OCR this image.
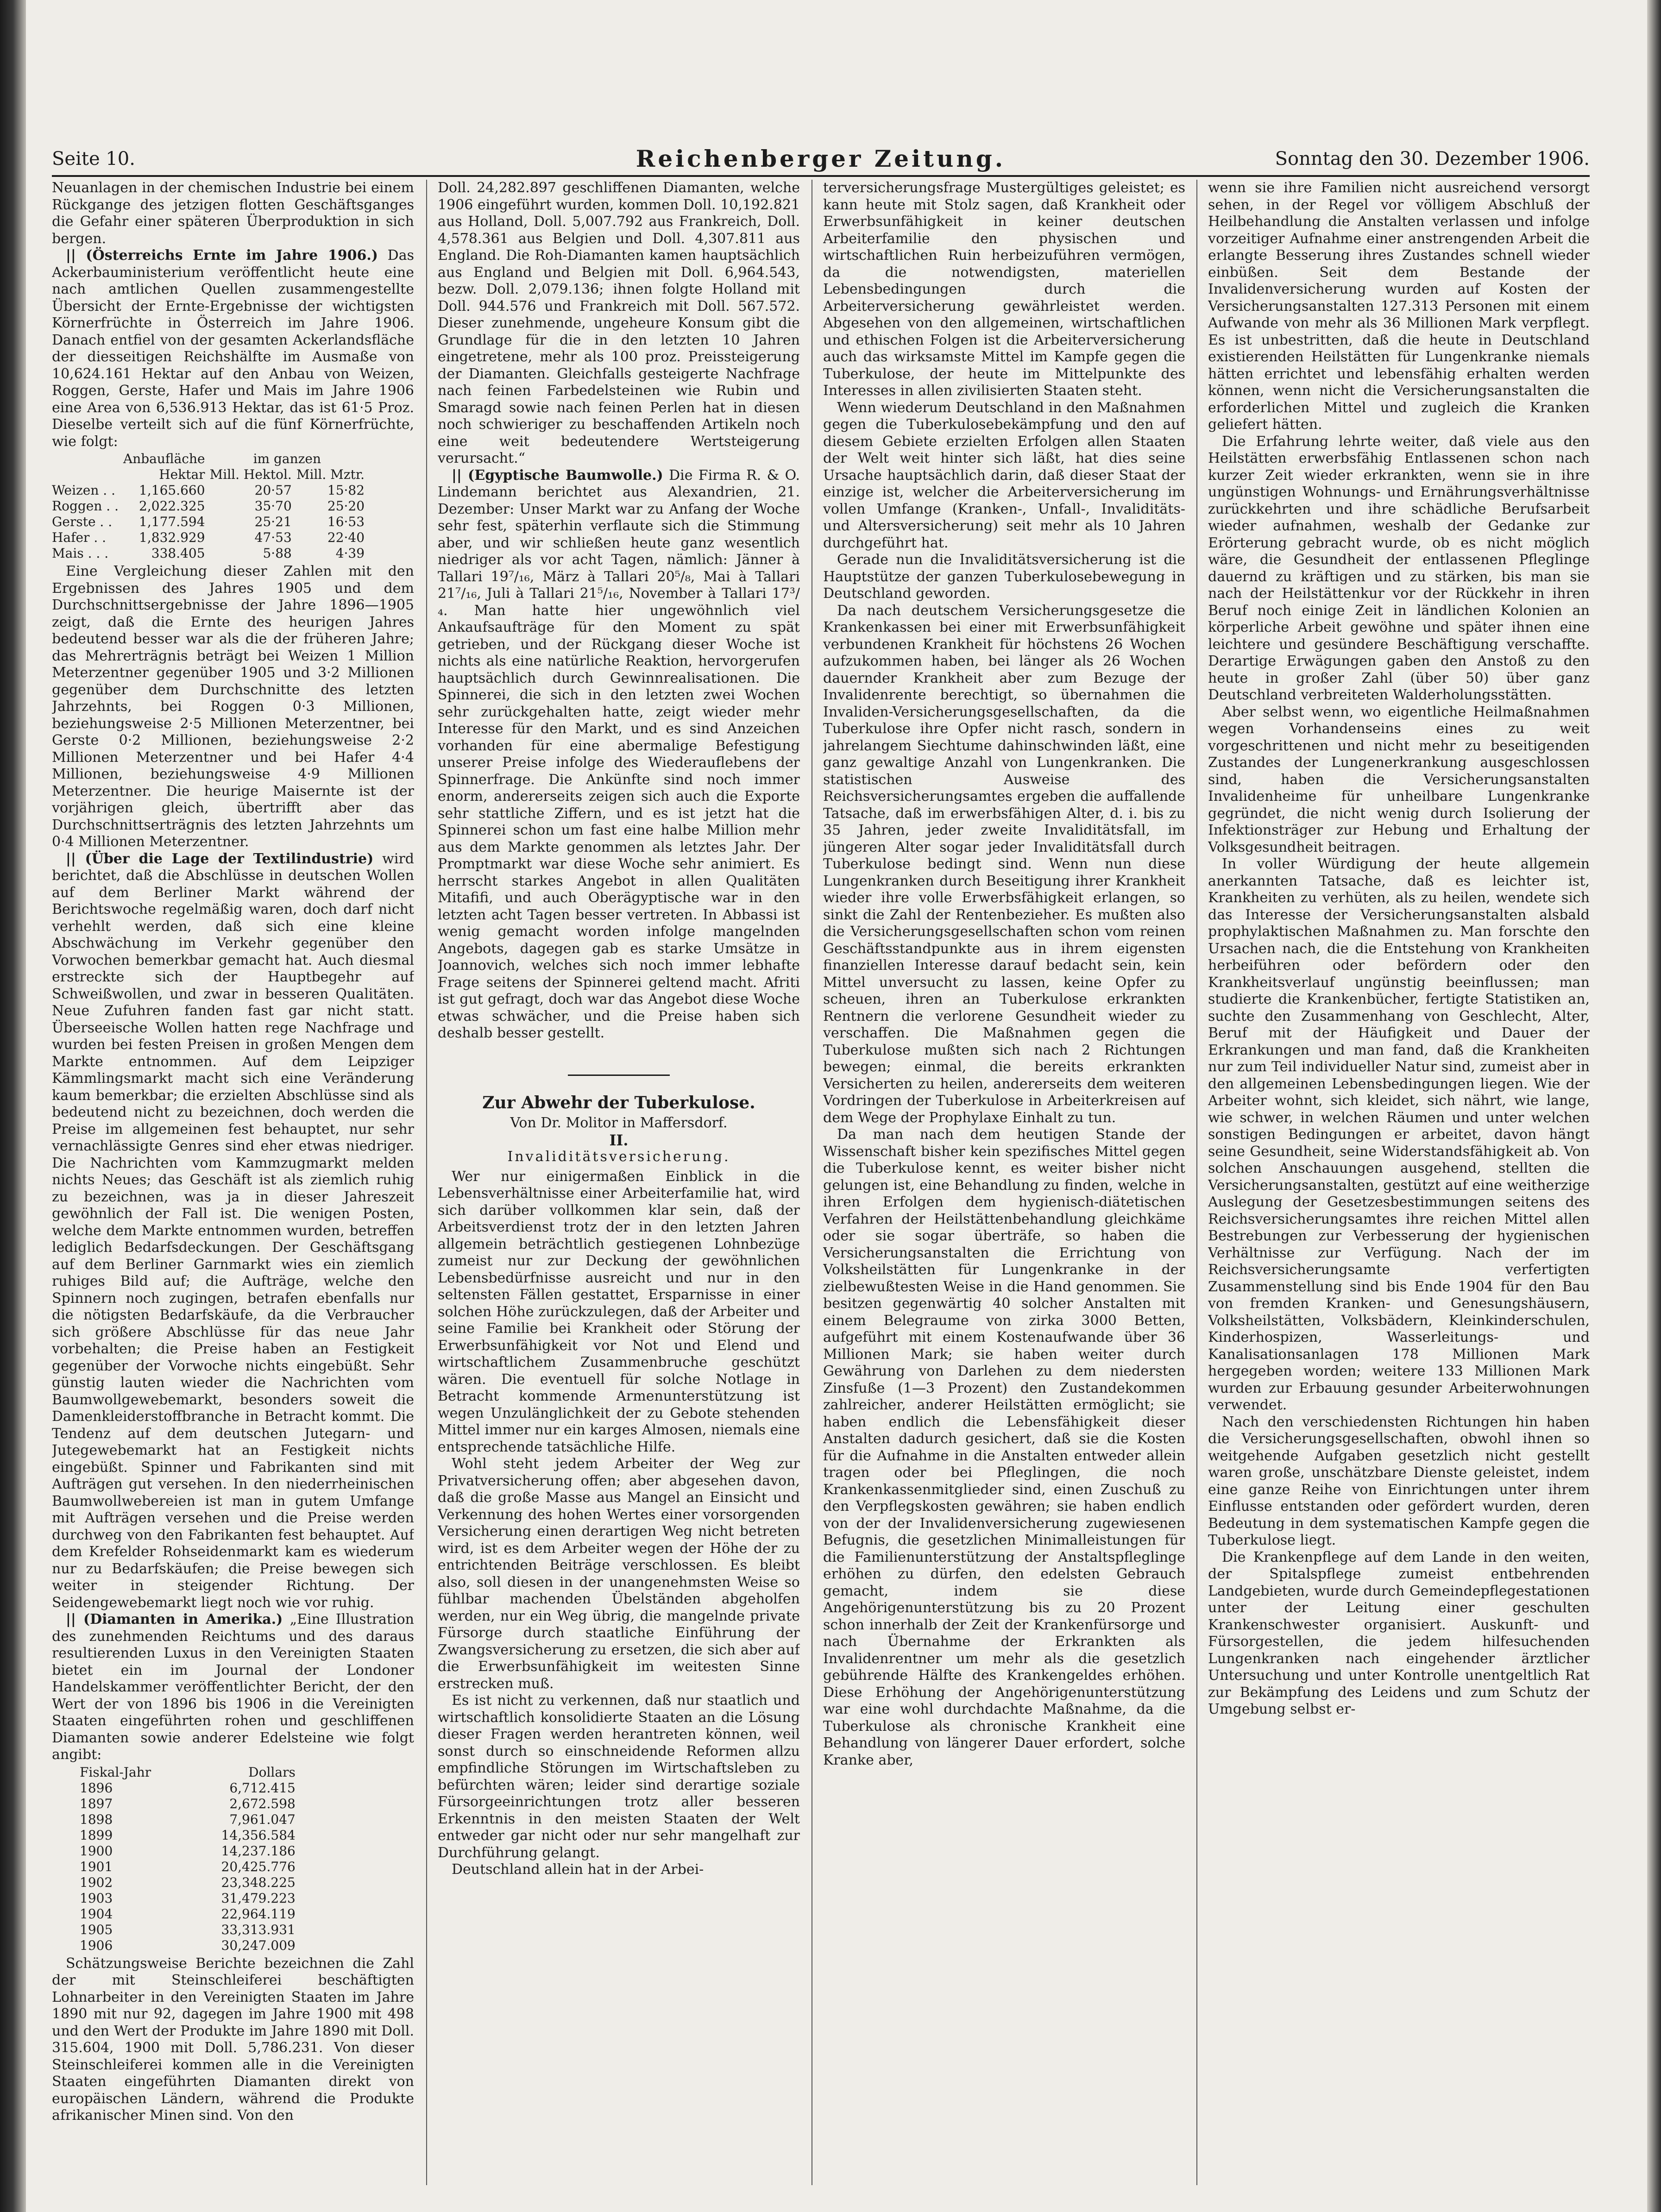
Seite 10.	Reichenberger Zeitung.	Sonntag den 30. Dezember 1906.

Neuanlagen in der chemischen Industrie bei einem Rückgange des jetzigen flotten Geschäftsganges die Gefahr einer späteren Überproduktion in sich bergen.

|| (Österreichs Ernte im Jahre 1906.) Das Ackerbauministerium veröffentlicht heute eine nach amtlichen Quellen zusammengestellte Übersicht der Ernte-Ergebnisse der wichtigsten Körnerfrüchte in Österreich im Jahre 1906. Danach entfiel von der gesamten Ackerlandsfläche der diesseitigen Reichshälfte im Ausmaße von 10,624.161 Hektar auf den Anbau von Weizen, Roggen, Gerste, Hafer und Mais im Jahre 1906 eine Area von 6,536.913 Hektar, das ist 61·5 Proz. Dieselbe verteilt sich auf die fünf Körnerfrüchte, wie folgt:

	Anbaufläche	im ganzen	
	Hektar	Mill. Hektol.	Mill. Mztr.
Weizen . .	1,165.660	20·57	15·82
Roggen . .	2,022.325	35·70	25·20
Gerste . .	1,177.594	25·21	16·53
Hafer . .	1,832.929	47·53	22·40
Mais . . .	338.405	5·88	4·39

Eine Vergleichung dieser Zahlen mit den Ergebnissen des Jahres 1905 und dem Durchschnittsergebnisse der Jahre 1896—1905 zeigt, daß die Ernte des heurigen Jahres bedeutend besser war als die der früheren Jahre; das Mehrerträgnis beträgt bei Weizen 1 Million Meterzentner gegenüber 1905 und 3·2 Millionen gegenüber dem Durchschnitte des letzten Jahrzehnts, bei Roggen 0·3 Millionen, beziehungsweise 2·5 Millionen Meterzentner, bei Gerste 0·2 Millionen, beziehungsweise 2·2 Millionen Meterzentner und bei Hafer 4·4 Millionen, beziehungsweise 4·9 Millionen Meterzentner. Die heurige Maisernte ist der vorjährigen gleich, übertrifft aber das Durchschnittserträgnis des letzten Jahrzehnts um 0·4 Millionen Meterzentner.

|| (Über die Lage der Textilindustrie) wird berichtet, daß die Abschlüsse in deutschen Wollen auf dem Berliner Markt während der Berichtswoche regelmäßig waren, doch darf nicht verhehlt werden, daß sich eine kleine Abschwächung im Verkehr gegenüber den Vorwochen bemerkbar gemacht hat. Auch diesmal erstreckte sich der Hauptbegehr auf Schweißwollen, und zwar in besseren Qualitäten. Neue Zufuhren fanden fast gar nicht statt. Überseeische Wollen hatten rege Nachfrage und wurden bei festen Preisen in großen Mengen dem Markte entnommen. Auf dem Leipziger Kämmlingsmarkt macht sich eine Veränderung kaum bemerkbar; die erzielten Abschlüsse sind als bedeutend nicht zu bezeichnen, doch werden die Preise im allgemeinen fest behauptet, nur sehr vernachlässigte Genres sind eher etwas niedriger. Die Nachrichten vom Kammzugmarkt melden nichts Neues; das Geschäft ist als ziemlich ruhig zu bezeichnen, was ja in dieser Jahreszeit gewöhnlich der Fall ist. Die wenigen Posten, welche dem Markte entnommen wurden, betreffen lediglich Bedarfsdeckungen. Der Geschäftsgang auf dem Berliner Garnmarkt wies ein ziemlich ruhiges Bild auf; die Aufträge, welche den Spinnern noch zugingen, betrafen ebenfalls nur die nötigsten Bedarfskäufe, da die Verbraucher sich größere Abschlüsse für das neue Jahr vorbehalten; die Preise haben an Festigkeit gegenüber der Vorwoche nichts eingebüßt. Sehr günstig lauten wieder die Nachrichten vom Baumwollgewebemarkt, besonders soweit die Damenkleiderstoffbranche in Betracht kommt. Die Tendenz auf dem deutschen Jutegarn- und Jutegewebemarkt hat an Festigkeit nichts eingebüßt. Spinner und Fabrikanten sind mit Aufträgen gut versehen. In den niederrheinischen Baumwollwebereien ist man in gutem Umfange mit Aufträgen versehen und die Preise werden durchweg von den Fabrikanten fest behauptet. Auf dem Krefelder Rohseidenmarkt kam es wiederum nur zu Bedarfskäufen; die Preise bewegen sich weiter in steigender Richtung. Der Seidengewebemarkt liegt noch wie vor ruhig.

|| (Diamanten in Amerika.) „Eine Illustration des zunehmenden Reichtums und des daraus resultierenden Luxus in den Vereinigten Staaten bietet ein im Journal der Londoner Handelskammer veröffentlichter Bericht, der den Wert der von 1896 bis 1906 in die Vereinigten Staaten eingeführten rohen und geschliffenen Diamanten sowie anderer Edelsteine wie folgt angibt:

Fiskal-Jahr	Dollars
1896	6,712.415
1897	2,672.598
1898	7,961.047
1899	14,356.584
1900	14,237.186
1901	20,425.776
1902	23,348.225
1903	31,479.223
1904	22,964.119
1905	33,313.931
1906	30,247.009

Schätzungsweise Berichte bezeichnen die Zahl der mit Steinschleiferei beschäftigten Lohnarbeiter in den Vereinigten Staaten im Jahre 1890 mit nur 92, dagegen im Jahre 1900 mit 498 und den Wert der Produkte im Jahre 1890 mit Doll. 315.604, 1900 mit Doll. 5,786.231. Von dieser Steinschleiferei kommen alle in die Vereinigten Staaten eingeführten Diamanten direkt von europäischen Ländern, während die Produkte afrikanischer Minen sind. Von den

Doll. 24,282.897 geschliffenen Diamanten, welche 1906 eingeführt wurden, kommen Doll. 10,192.821 aus Holland, Doll. 5,007.792 aus Frankreich, Doll. 4,578.361 aus Belgien und Doll. 4,307.811 aus England. Die Roh-Diamanten kamen hauptsächlich aus England und Belgien mit Doll. 6,964.543, bezw. Doll. 2,079.136; ihnen folgte Holland mit Doll. 944.576 und Frankreich mit Doll. 567.572. Dieser zunehmende, ungeheure Konsum gibt die Grundlage für die in den letzten 10 Jahren eingetretene, mehr als 100 proz. Preissteigerung der Diamanten. Gleichfalls gesteigerte Nachfrage nach feinen Farbedelsteinen wie Rubin und Smaragd sowie nach feinen Perlen hat in diesen noch schwieriger zu beschaffenden Artikeln noch eine weit bedeutendere Wertsteigerung verursacht.“

|| (Egyptische Baumwolle.) Die Firma R. & O. Lindemann berichtet aus Alexandrien, 21. Dezember: Unser Markt war zu Anfang der Woche sehr fest, späterhin verflaute sich die Stimmung aber, und wir schließen heute ganz wesentlich niedriger als vor acht Tagen, nämlich: Jänner à Tallari 19⁷/₁₆, März à Tallari 20⁵/₈, Mai à Tallari 21⁷/₁₆, Juli à Tallari 21⁵/₁₆, November à Tallari 17³/₄. Man hatte hier ungewöhnlich viel Ankaufsaufträge für den Moment zu spät getrieben, und der Rückgang dieser Woche ist nichts als eine natürliche Reaktion, hervorgerufen hauptsächlich durch Gewinnrealisationen. Die Spinnerei, die sich in den letzten zwei Wochen sehr zurückgehalten hatte, zeigt wieder mehr Interesse für den Markt, und es sind Anzeichen vorhanden für eine abermalige Befestigung unserer Preise infolge des Wiederauflebens der Spinnerfrage. Die Ankünfte sind noch immer enorm, andererseits zeigen sich auch die Exporte sehr stattliche Ziffern, und es ist jetzt hat die Spinnerei schon um fast eine halbe Million mehr aus dem Markte genommen als letztes Jahr. Der Promptmarkt war diese Woche sehr animiert. Es herrscht starkes Angebot in allen Qualitäten Mitafifi, und auch Oberägyptische war in den letzten acht Tagen besser vertreten. In Abbassi ist wenig gemacht worden infolge mangelnden Angebots, dagegen gab es starke Umsätze in Joannovich, welches sich noch immer lebhafte Frage seitens der Spinnerei geltend macht. Afriti ist gut gefragt, doch war das Angebot diese Woche etwas schwächer, und die Preise haben sich deshalb besser gestellt.

Zur Abwehr der Tuberkulose.

Von Dr. Molitor in Maffersdorf.

II.

Invaliditätsversicherung.

Wer nur einigermaßen Einblick in die Lebensverhältnisse einer Arbeiterfamilie hat, wird sich darüber vollkommen klar sein, daß der Arbeitsverdienst trotz der in den letzten Jahren allgemein beträchtlich gestiegenen Lohnbezüge zumeist nur zur Deckung der gewöhnlichen Lebensbedürfnisse ausreicht und nur in den seltensten Fällen gestattet, Ersparnisse in einer solchen Höhe zurückzulegen, daß der Arbeiter und seine Familie bei Krankheit oder Störung der Erwerbsunfähigkeit vor Not und Elend und wirtschaftlichem Zusammenbruche geschützt wären. Die eventuell für solche Notlage in Betracht kommende Armenunterstützung ist wegen Unzulänglichkeit der zu Gebote stehenden Mittel immer nur ein karges Almosen, niemals eine entsprechende tatsächliche Hilfe.

Wohl steht jedem Arbeiter der Weg zur Privatversicherung offen; aber abgesehen davon, daß die große Masse aus Mangel an Einsicht und Verkennung des hohen Wertes einer vorsorgenden Versicherung einen derartigen Weg nicht betreten wird, ist es dem Arbeiter wegen der Höhe der zu entrichtenden Beiträge verschlossen. Es bleibt also, soll diesen in der unangenehmsten Weise so fühlbar machenden Übelständen abgeholfen werden, nur ein Weg übrig, die mangelnde private Fürsorge durch staatliche Einführung der Zwangsversicherung zu ersetzen, die sich aber auf die Erwerbsunfähigkeit im weitesten Sinne erstrecken muß.

Es ist nicht zu verkennen, daß nur staatlich und wirtschaftlich konsolidierte Staaten an die Lösung dieser Fragen werden herantreten können, weil sonst durch so einschneidende Reformen allzu empfindliche Störungen im Wirtschaftsleben zu befürchten wären; leider sind derartige soziale Fürsorgeeinrichtungen trotz aller besseren Erkenntnis in den meisten Staaten der Welt entweder gar nicht oder nur sehr mangelhaft zur Durchführung gelangt.

Deutschland allein hat in der Arbei-

terversicherungsfrage Mustergültiges geleistet; es kann heute mit Stolz sagen, daß Krankheit oder Erwerbsunfähigkeit in keiner deutschen Arbeiterfamilie den physischen und wirtschaftlichen Ruin herbeizuführen vermögen, da die notwendigsten, materiellen Lebensbedingungen durch die Arbeiterversicherung gewährleistet werden. Abgesehen von den allgemeinen, wirtschaftlichen und ethischen Folgen ist die Arbeiterversicherung auch das wirksamste Mittel im Kampfe gegen die Tuberkulose, der heute im Mittelpunkte des Interesses in allen zivilisierten Staaten steht.

Wenn wiederum Deutschland in den Maßnahmen gegen die Tuberkulosebekämpfung und den auf diesem Gebiete erzielten Erfolgen allen Staaten der Welt weit hinter sich läßt, hat dies seine Ursache hauptsächlich darin, daß dieser Staat der einzige ist, welcher die Arbeiterversicherung im vollen Umfange (Kranken-, Unfall-, Invaliditäts- und Altersversicherung) seit mehr als 10 Jahren durchgeführt hat.

Gerade nun die Invaliditätsversicherung ist die Hauptstütze der ganzen Tuberkulosebewegung in Deutschland geworden.

Da nach deutschem Versicherungsgesetze die Krankenkassen bei einer mit Erwerbsunfähigkeit verbundenen Krankheit für höchstens 26 Wochen aufzukommen haben, bei länger als 26 Wochen dauernder Krankheit aber zum Bezuge der Invalidenrente berechtigt, so übernahmen die Invaliden-Versicherungsgesellschaften, da die Tuberkulose ihre Opfer nicht rasch, sondern in jahrelangem Siechtume dahinschwinden läßt, eine ganz gewaltige Anzahl von Lungenkranken. Die statistischen Ausweise des Reichsversicherungsamtes ergeben die auffallende Tatsache, daß im erwerbsfähigen Alter, d. i. bis zu 35 Jahren, jeder zweite Invaliditätsfall, im jüngeren Alter sogar jeder Invaliditätsfall durch Tuberkulose bedingt sind. Wenn nun diese Lungenkranken durch Beseitigung ihrer Krankheit wieder ihre volle Erwerbsfähigkeit erlangen, so sinkt die Zahl der Rentenbezieher. Es mußten also die Versicherungsgesellschaften schon vom reinen Geschäftsstandpunkte aus in ihrem eigensten finanziellen Interesse darauf bedacht sein, kein Mittel unversucht zu lassen, keine Opfer zu scheuen, ihren an Tuberkulose erkrankten Rentnern die verlorene Gesundheit wieder zu verschaffen. Die Maßnahmen gegen die Tuberkulose mußten sich nach 2 Richtungen bewegen; einmal, die bereits erkrankten Versicherten zu heilen, andererseits dem weiteren Vordringen der Tuberkulose in Arbeiterkreisen auf dem Wege der Prophylaxe Einhalt zu tun.

Da man nach dem heutigen Stande der Wissenschaft bisher kein spezifisches Mittel gegen die Tuberkulose kennt, es weiter bisher nicht gelungen ist, eine Behandlung zu finden, welche in ihren Erfolgen dem hygienisch-diätetischen Verfahren der Heilstättenbehandlung gleichkäme oder sie sogar überträfe, so haben die Versicherungsanstalten die Errichtung von Volksheilstätten für Lungenkranke in der zielbewußtesten Weise in die Hand genommen. Sie besitzen gegenwärtig 40 solcher Anstalten mit einem Belegraume von zirka 3000 Betten, aufgeführt mit einem Kostenaufwande über 36 Millionen Mark; sie haben weiter durch Gewährung von Darlehen zu dem niedersten Zinsfuße (1—3 Prozent) den Zustandekommen zahlreicher, anderer Heilstätten ermöglicht; sie haben endlich die Lebensfähigkeit dieser Anstalten dadurch gesichert, daß sie die Kosten für die Aufnahme in die Anstalten entweder allein tragen oder bei Pfleglingen, die noch Krankenkassenmitglieder sind, einen Zuschuß zu den Verpflegskosten gewähren; sie haben endlich von der der Invalidenversicherung zugewiesenen Befugnis, die gesetzlichen Minimalleistungen für die Familienunterstützung der Anstaltspfleglinge erhöhen zu dürfen, den edelsten Gebrauch gemacht, indem sie diese Angehörigenunterstützung bis zu 20 Prozent schon innerhalb der Zeit der Krankenfürsorge und nach Übernahme der Erkrankten als Invalidenrentner um mehr als die gesetzlich gebührende Hälfte des Krankengeldes erhöhen. Diese Erhöhung der Angehörigenunterstützung war eine wohl durchdachte Maßnahme, da die Tuberkulose als chronische Krankheit eine Behandlung von längerer Dauer erfordert, solche Kranke aber,

wenn sie ihre Familien nicht ausreichend versorgt sehen, in der Regel vor völligem Abschluß der Heilbehandlung die Anstalten verlassen und infolge vorzeitiger Aufnahme einer anstrengenden Arbeit die erlangte Besserung ihres Zustandes schnell wieder einbüßen. Seit dem Bestande der Invalidenversicherung wurden auf Kosten der Versicherungsanstalten 127.313 Personen mit einem Aufwande von mehr als 36 Millionen Mark verpflegt. Es ist unbestritten, daß die heute in Deutschland existierenden Heilstätten für Lungenkranke niemals hätten errichtet und lebensfähig erhalten werden können, wenn nicht die Versicherungsanstalten die erforderlichen Mittel und zugleich die Kranken geliefert hätten.

Die Erfahrung lehrte weiter, daß viele aus den Heilstätten erwerbsfähig Entlassenen schon nach kurzer Zeit wieder erkrankten, wenn sie in ihre ungünstigen Wohnungs- und Ernährungsverhältnisse zurückkehrten und ihre schädliche Berufsarbeit wieder aufnahmen, weshalb der Gedanke zur Erörterung gebracht wurde, ob es nicht möglich wäre, die Gesundheit der entlassenen Pfleglinge dauernd zu kräftigen und zu stärken, bis man sie nach der Heilstättenkur vor der Rückkehr in ihren Beruf noch einige Zeit in ländlichen Kolonien an körperliche Arbeit gewöhne und später ihnen eine leichtere und gesündere Beschäftigung verschaffte. Derartige Erwägungen gaben den Anstoß zu den heute in großer Zahl (über 50) über ganz Deutschland verbreiteten Walderholungsstätten.

Aber selbst wenn, wo eigentliche Heilmaßnahmen wegen Vorhandenseins eines zu weit vorgeschrittenen und nicht mehr zu beseitigenden Zustandes der Lungenerkrankung ausgeschlossen sind, haben die Versicherungsanstalten Invalidenheime für unheilbare Lungenkranke gegründet, die nicht wenig durch Isolierung der Infektionsträger zur Hebung und Erhaltung der Volksgesundheit beitragen.

In voller Würdigung der heute allgemein anerkannten Tatsache, daß es leichter ist, Krankheiten zu verhüten, als zu heilen, wendete sich das Interesse der Versicherungsanstalten alsbald prophylaktischen Maßnahmen zu. Man forschte den Ursachen nach, die die Entstehung von Krankheiten herbeiführen oder befördern oder den Krankheitsverlauf ungünstig beeinflussen; man studierte die Krankenbücher, fertigte Statistiken an, suchte den Zusammenhang von Geschlecht, Alter, Beruf mit der Häufigkeit und Dauer der Erkrankungen und man fand, daß die Krankheiten nur zum Teil individueller Natur sind, zumeist aber in den allgemeinen Lebensbedingungen liegen. Wie der Arbeiter wohnt, sich kleidet, sich nährt, wie lange, wie schwer, in welchen Räumen und unter welchen sonstigen Bedingungen er arbeitet, davon hängt seine Gesundheit, seine Widerstandsfähigkeit ab. Von solchen Anschauungen ausgehend, stellten die Versicherungsanstalten, gestützt auf eine weitherzige Auslegung der Gesetzesbestimmungen seitens des Reichsversicherungsamtes ihre reichen Mittel allen Bestrebungen zur Verbesserung der hygienischen Verhältnisse zur Verfügung. Nach der im Reichsversicherungsamte verfertigten Zusammenstellung sind bis Ende 1904 für den Bau von fremden Kranken- und Genesungshäusern, Volksheilstätten, Volksbädern, Kleinkinderschulen, Kinderhospizen, Wasserleitungs- und Kanalisationsanlagen 178 Millionen Mark hergegeben worden; weitere 133 Millionen Mark wurden zur Erbauung gesunder Arbeiterwohnungen verwendet.

Nach den verschiedensten Richtungen hin haben die Versicherungsgesellschaften, obwohl ihnen so weitgehende Aufgaben gesetzlich nicht gestellt waren große, unschätzbare Dienste geleistet, indem eine ganze Reihe von Einrichtungen unter ihrem Einflusse entstanden oder gefördert wurden, deren Bedeutung in dem systematischen Kampfe gegen die Tuberkulose liegt.

Die Krankenpflege auf dem Lande in den weiten, der Spitalspflege zumeist entbehrenden Landgebieten, wurde durch Gemeindepflegestationen unter der Leitung einer geschulten Krankenschwester organisiert. Auskunft- und Fürsorgestellen, die jedem hilfesuchenden Lungenkranken nach eingehender ärztlicher Untersuchung und unter Kontrolle unentgeltlich Rat zur Bekämpfung des Leidens und zum Schutz der Umgebung selbst er-
